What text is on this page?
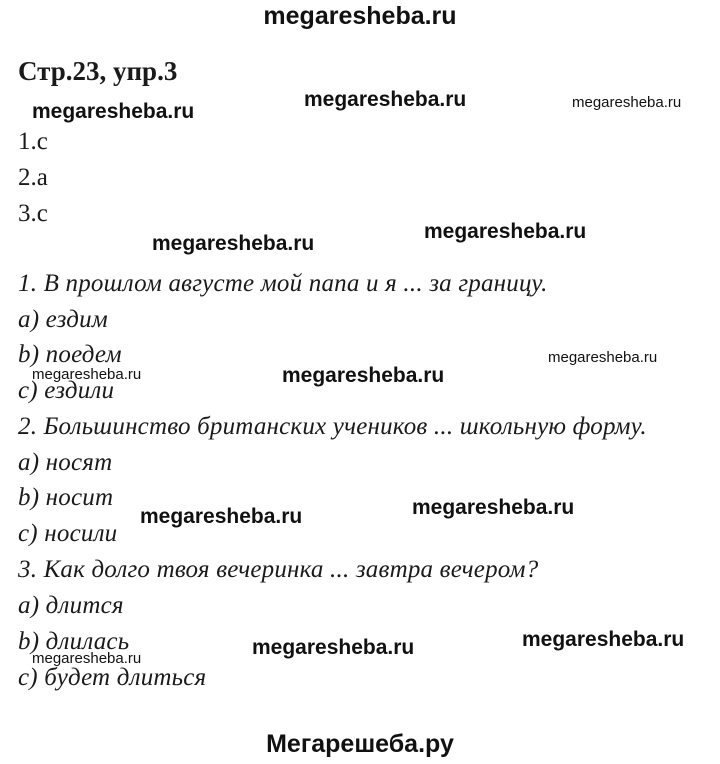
megaresheba.ru
Стр.23, упр.3
1.c
2.a
3.c
1. В прошлом августе мой папа и я ... за границу.
a) ездим
b) поедем
c) ездили
2. Большинство британских учеников ... школьную форму.
a) носят
b) носит
c) носили
3. Как долго твоя вечеринка ... завтра вечером?
a) длится
b) длилась
c) будет длиться
megaresheba.ru
megaresheba.ru	megaresheba.ru
megaresheba.ru
megaresheba.ru
megaresheba.ru
megaresheba.ru	megaresheba.ru
megaresheba.ru	megaresheba.ru
megaresheba.ru	megaresheba.ru
megaresheba.ru
Мегарешеба.ру
